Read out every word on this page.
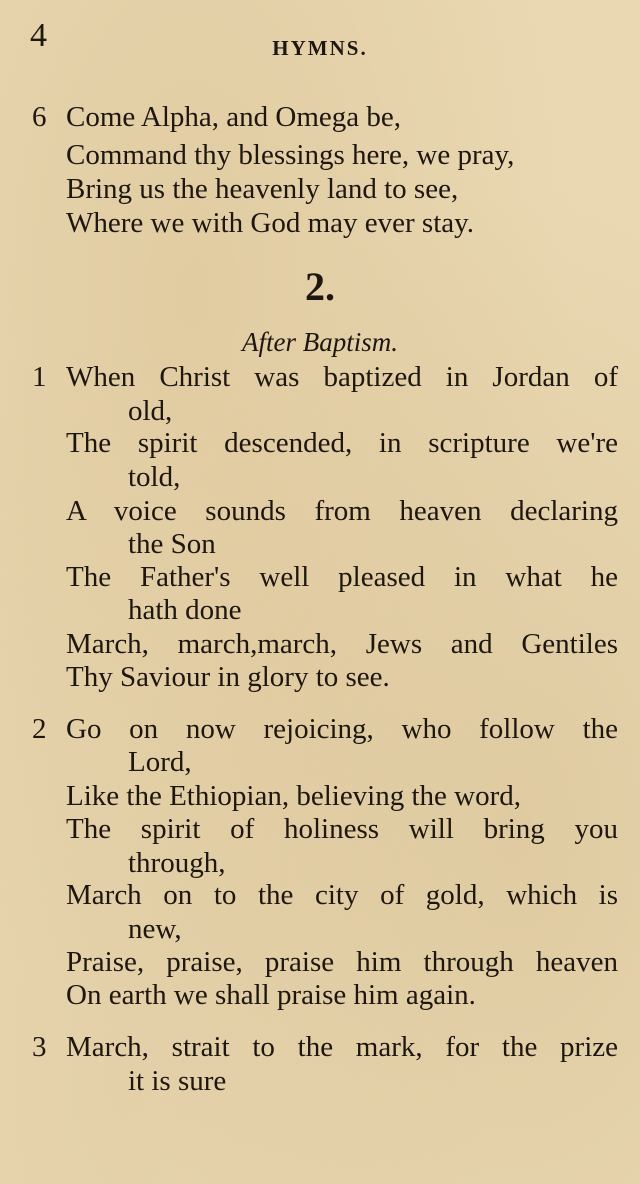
4	HYMNS.
6 Come Alpha, and Omega be,
Command thy blessings here, we pray,
Bring us the heavenly land to see,
Where we with God may ever stay.
2.
After Baptism.
1 When Christ was baptized in Jordan of
old,
The spirit descended, in scripture we're
told,
A voice sounds from heaven declaring
the Son
The Father's well pleased in what he
hath done
March, march,march, Jews and Gentiles
Thy Saviour in glory to see.
2 Go on now rejoicing, who follow the
Lord,
Like the Ethiopian, believing the word,
The spirit of holiness will bring you
through,
March on to the city of gold, which is
new,
Praise, praise, praise him through heaven
On earth we shall praise him again.
3 March, strait to the mark, for the prize
it is sure
